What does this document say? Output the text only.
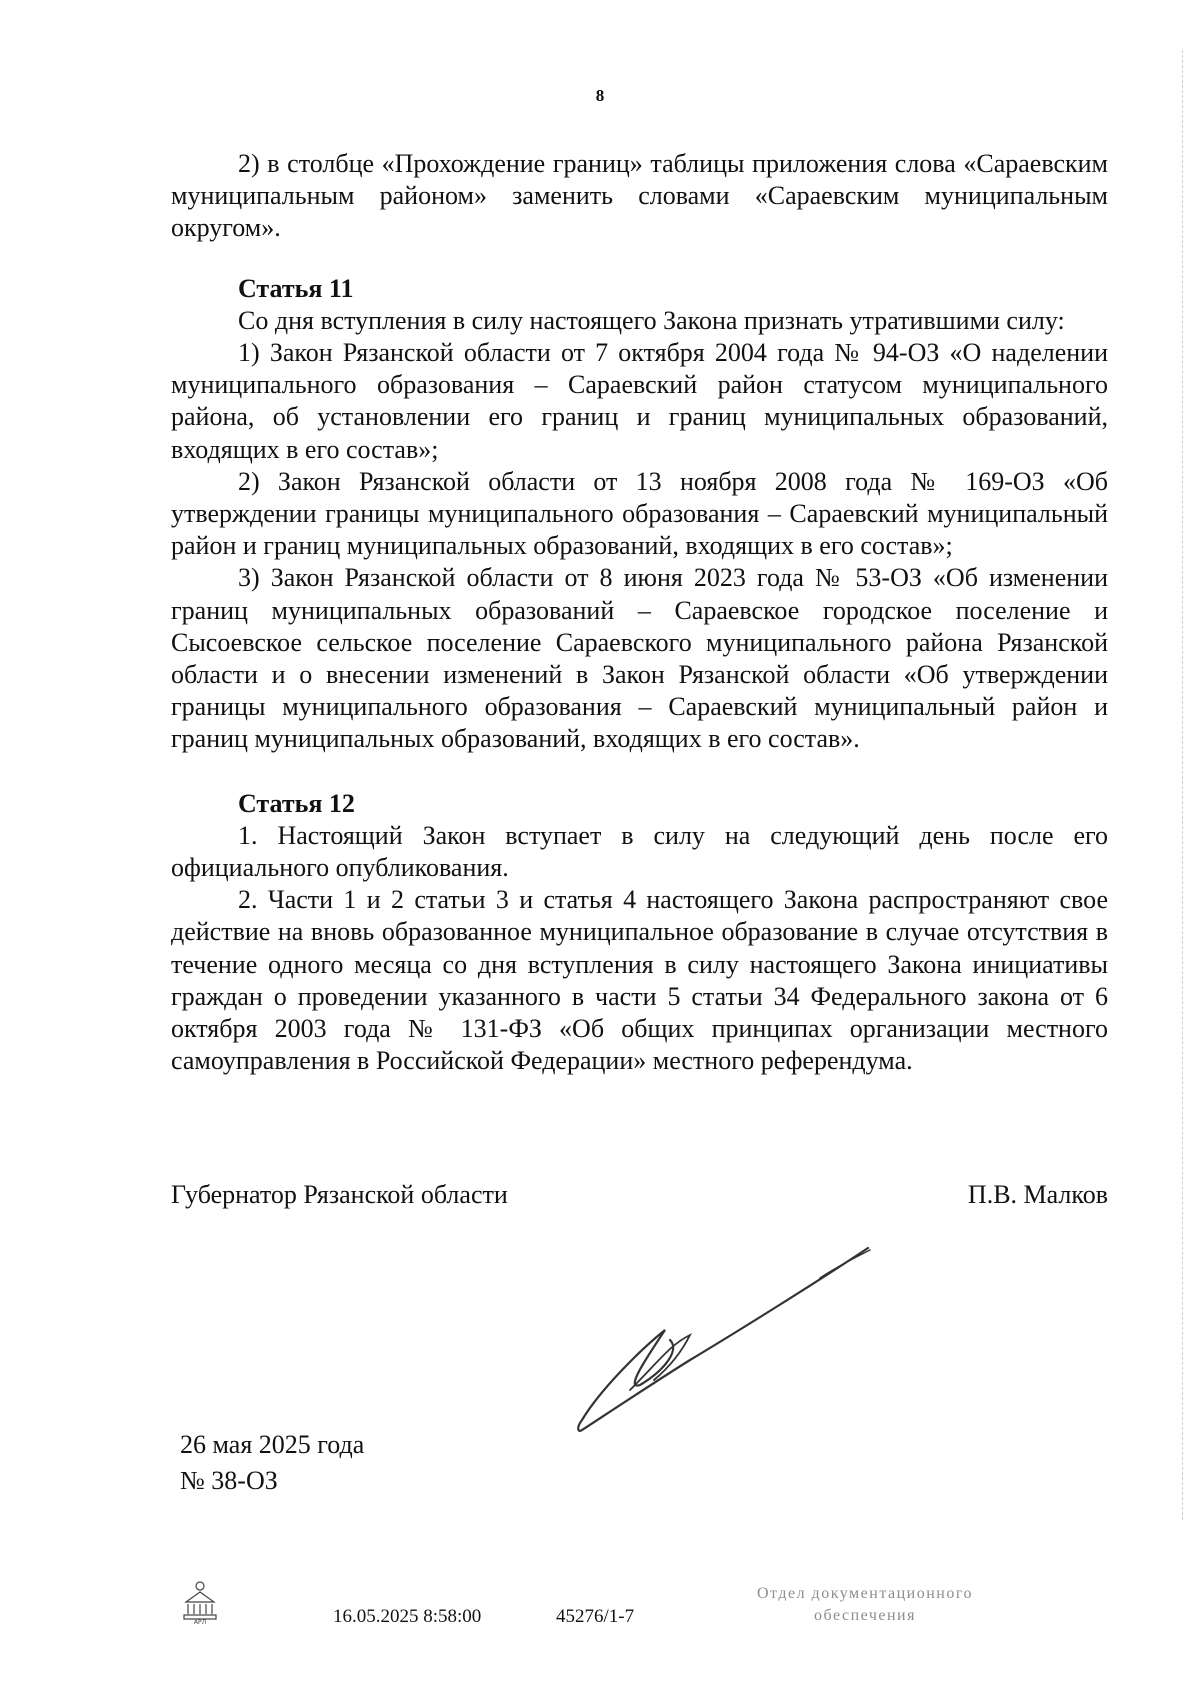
8

2) в столбце «Прохождение границ» таблицы приложения слова «Сараевским муниципальным районом» заменить словами «Сараевским муниципальным округом».

Статья 11

Со дня вступления в силу настоящего Закона признать утратившими силу:

1) Закон Рязанской области от 7 октября 2004 года № 94-ОЗ «О наделении муниципального образования – Сараевский район статусом муниципального района, об установлении его границ и границ муниципальных образований, входящих в его состав»;

2) Закон Рязанской области от 13 ноября 2008 года № 169-ОЗ «Об утверждении границы муниципального образования – Сараевский муниципальный район и границ муниципальных образований, входящих в его состав»;

3) Закон Рязанской области от 8 июня 2023 года № 53-ОЗ «Об изменении границ муниципальных образований – Сараевское городское поселение и Сысоевское сельское поселение Сараевского муниципального района Рязанской области и о внесении изменений в Закон Рязанской области «Об утверждении границы муниципального образования – Сараевский муниципальный район и границ муниципальных образований, входящих в его состав».

Статья 12

1. Настоящий Закон вступает в силу на следующий день после его официального опубликования.

2. Части 1 и 2 статьи 3 и статья 4 настоящего Закона распространяют свое действие на вновь образованное муниципальное образование в случае отсутствия в течение одного месяца со дня вступления в силу настоящего Закона инициативы граждан о проведении указанного в части 5 статьи 34 Федерального закона от 6 октября 2003 года № 131-ФЗ «Об общих принципах организации местного самоуправления в Российской Федерации» местного референдума.

Губернатор Рязанской области	П.В. Малков
26 мая 2025 года
№ 38-ОЗ
АРЛ	16.05.2025 8:58:00	45276/1-7
Отдел документационного
обеспечения
